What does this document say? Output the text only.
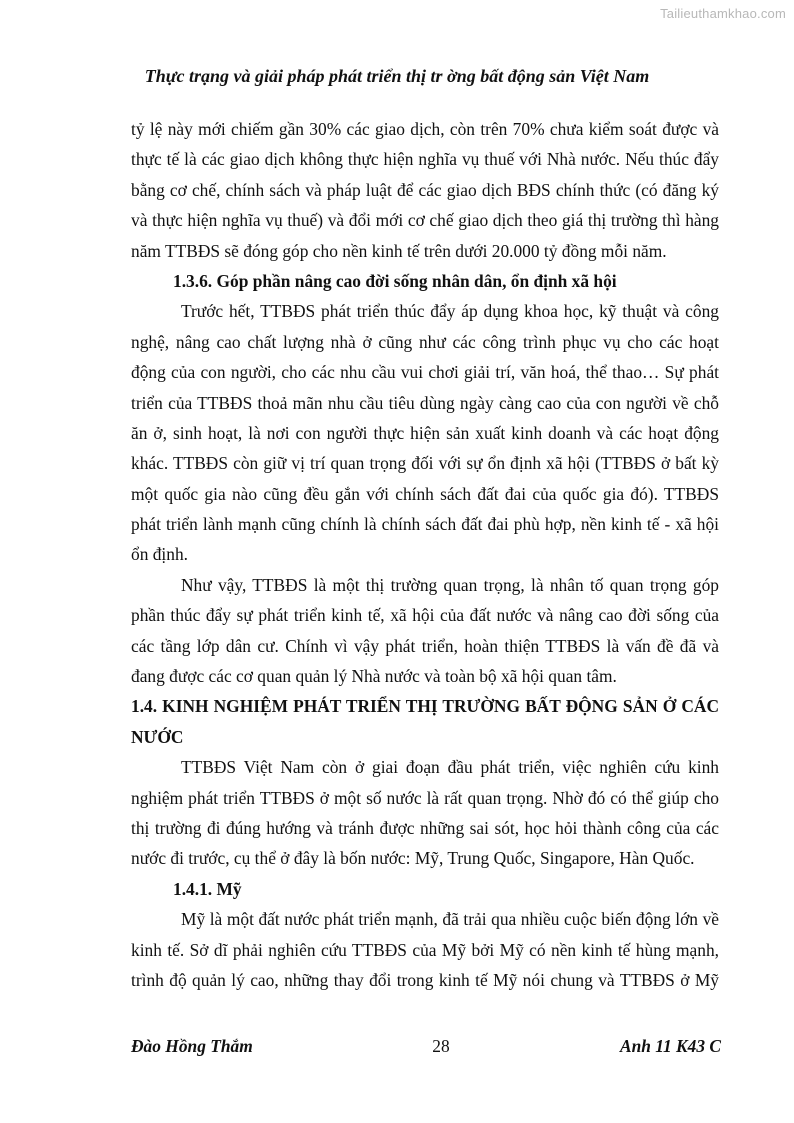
Tailieuthamkhao.com
Thực trạng và giải pháp phát triển thị tr ờng bất động sản Việt Nam
tỷ lệ này mới chiếm gần 30% các giao dịch, còn trên 70% chưa kiểm soát được và
thực tế là các giao dịch không thực hiện nghĩa vụ thuế với Nhà nước. Nếu thúc đẩy
bằng cơ chế, chính sách và pháp luật để các giao dịch BĐS chính thức (có đăng ký
và thực hiện nghĩa vụ thuế) và đổi mới cơ chế giao dịch theo giá thị trường thì hàng
năm TTBĐS sẽ đóng góp cho nền kinh tế trên dưới 20.000 tỷ đồng mỗi năm.
1.3.6. Góp phần nâng cao đời sống nhân dân, ổn định xã hội
Trước hết, TTBĐS phát triển thúc đẩy áp dụng khoa học, kỹ thuật và công
nghệ, nâng cao chất lượng nhà ở cũng như các công trình phục vụ cho các hoạt
động của con người, cho các nhu cầu vui chơi giải trí, văn hoá, thể thao… Sự phát
triển của TTBĐS thoả mãn nhu cầu tiêu dùng ngày càng cao của con người về chỗ
ăn ở, sinh hoạt, là nơi con người thực hiện sản xuất kinh doanh và các hoạt động
khác. TTBĐS còn giữ vị trí quan trọng đối với sự ổn định xã hội (TTBĐS ở bất kỳ
một quốc gia nào cũng đều gắn với chính sách đất đai của quốc gia đó). TTBĐS
phát triển lành mạnh cũng chính là chính sách đất đai phù hợp, nền kinh tế - xã hội
ổn định.
Như vậy, TTBĐS là một thị trường quan trọng, là nhân tố quan trọng góp
phần thúc đẩy sự phát triển kinh tế, xã hội của đất nước và nâng cao đời sống của
các tầng lớp dân cư. Chính vì vậy phát triển, hoàn thiện TTBĐS là vấn đề đã và
đang được các cơ quan quản lý Nhà nước và toàn bộ xã hội quan tâm.
1.4. KINH NGHIỆM PHÁT TRIỂN THỊ TRƯỜNG BẤT ĐỘNG SẢN Ở CÁC
NƯỚC
TTBĐS Việt Nam còn ở giai đoạn đầu phát triển, việc nghiên cứu kinh
nghiệm phát triển TTBĐS ở một số nước là rất quan trọng. Nhờ đó có thể giúp cho
thị trường đi đúng hướng và tránh được những sai sót, học hỏi thành công của các
nước đi trước, cụ thể ở đây là bốn nước: Mỹ, Trung Quốc, Singapore, Hàn Quốc.
1.4.1. Mỹ
Mỹ là một đất nước phát triển mạnh, đã trải qua nhiều cuộc biến động lớn về
kinh tế. Sở dĩ phải nghiên cứu TTBĐS của Mỹ bởi Mỹ có nền kinh tế hùng mạnh,
trình độ quản lý cao, những thay đổi trong kinh tế Mỹ nói chung và TTBĐS ở Mỹ
Đào Hồng Thắm	28	Anh 11 K43 C
